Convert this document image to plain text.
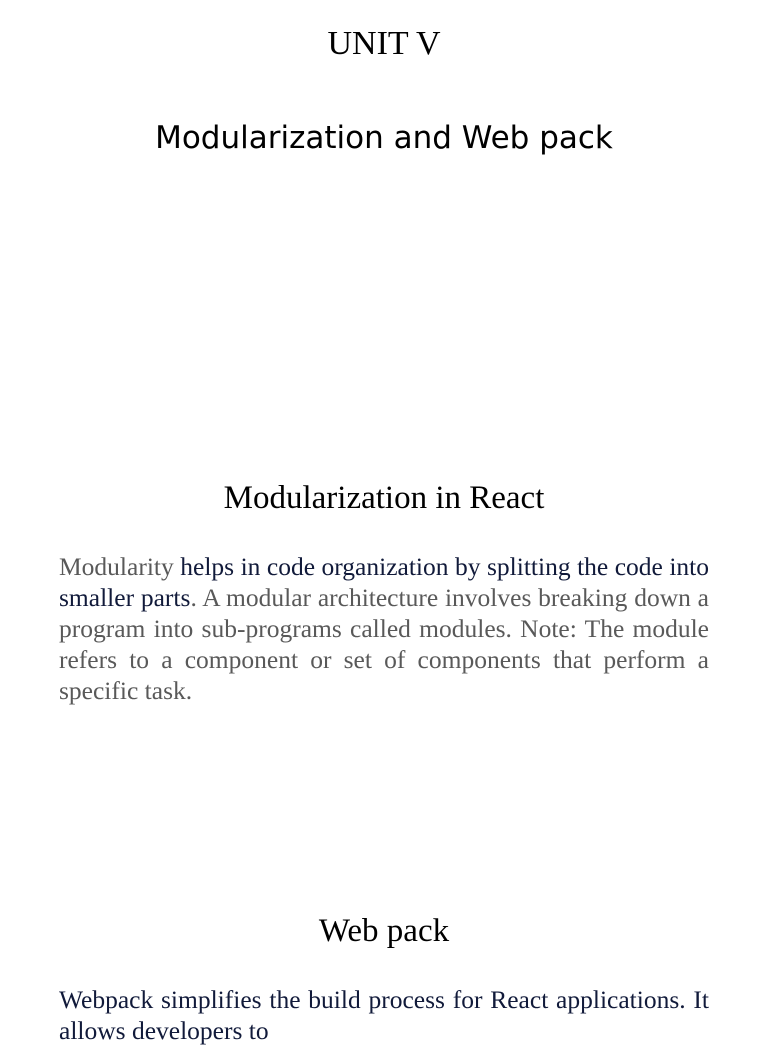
UNIT V
Modularization and Web pack
Modularization in React

Modularity helps in code organization by splitting the code into smaller parts. A modular architecture involves breaking down a program into sub-programs called modules. Note: The module refers to a component or set of components that perform a specific task.

Web pack

Webpack simplifies the build process for React applications. It allows developers to
